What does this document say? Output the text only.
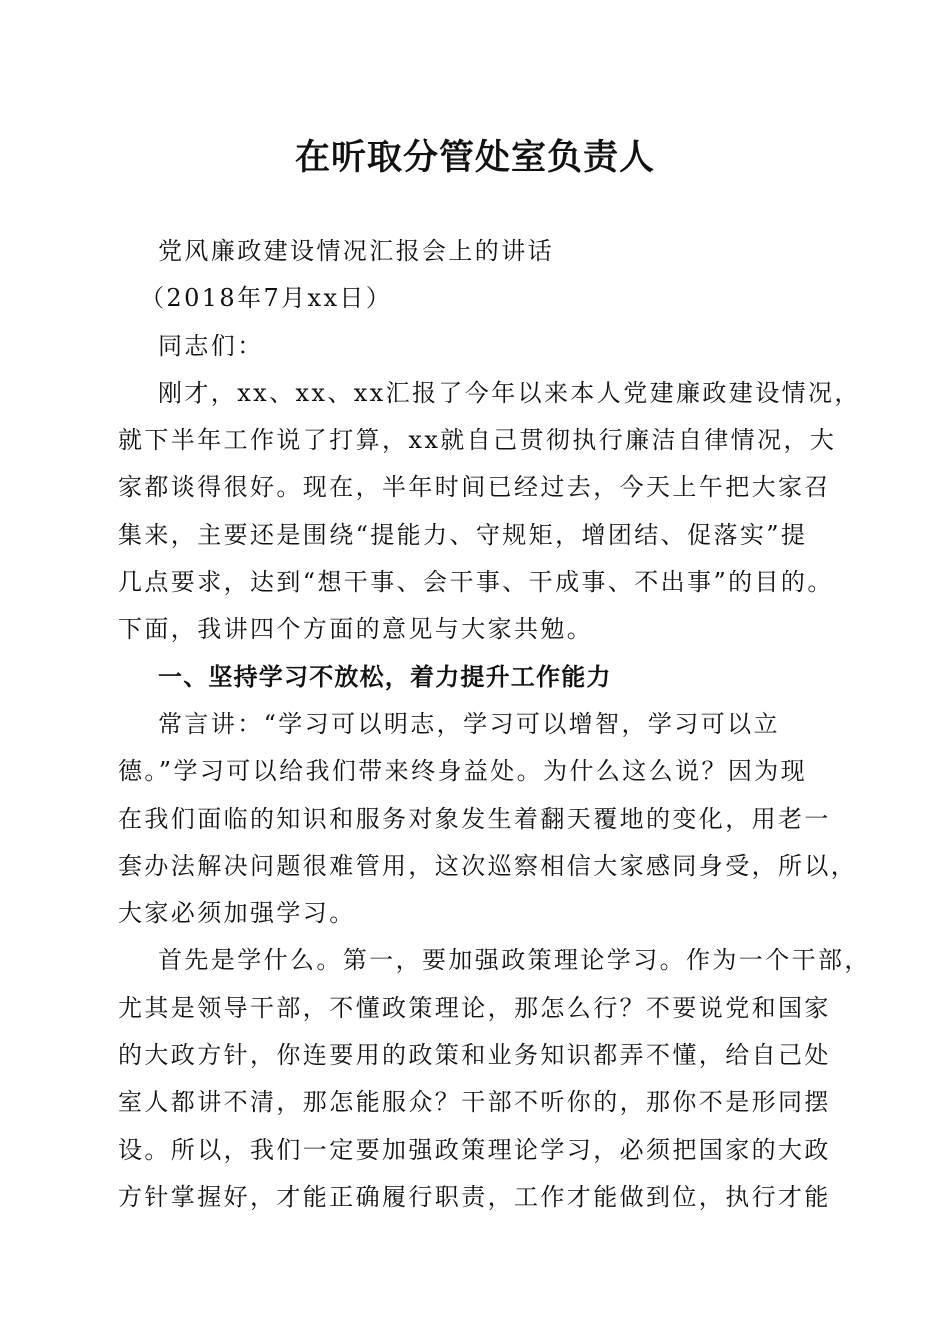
在听取分管处室负责人
党风廉政建设情况汇报会上的讲话
（2018年7月xx日）
同志们：
刚才，xx、xx、xx汇报了今年以来本人党建廉政建设情况，
就下半年工作说了打算，xx就自己贯彻执行廉洁自律情况，大
家都谈得很好。现在，半年时间已经过去，今天上午把大家召
集来，主要还是围绕“提能力、守规矩，增团结、促落实”提
几点要求，达到“想干事、会干事、干成事、不出事”的目的。
下面，我讲四个方面的意见与大家共勉。
一、坚持学习不放松，着力提升工作能力
常言讲：“学习可以明志，学习可以增智，学习可以立
德。”学习可以给我们带来终身益处。为什么这么说？因为现
在我们面临的知识和服务对象发生着翻天覆地的变化，用老一
套办法解决问题很难管用，这次巡察相信大家感同身受，所以，
大家必须加强学习。
首先是学什么。第一，要加强政策理论学习。作为一个干部，
尤其是领导干部，不懂政策理论，那怎么行？不要说党和国家
的大政方针，你连要用的政策和业务知识都弄不懂，给自己处
室人都讲不清，那怎能服众？干部不听你的，那你不是形同摆
设。所以，我们一定要加强政策理论学习，必须把国家的大政
方针掌握好，才能正确履行职责，工作才能做到位，执行才能
